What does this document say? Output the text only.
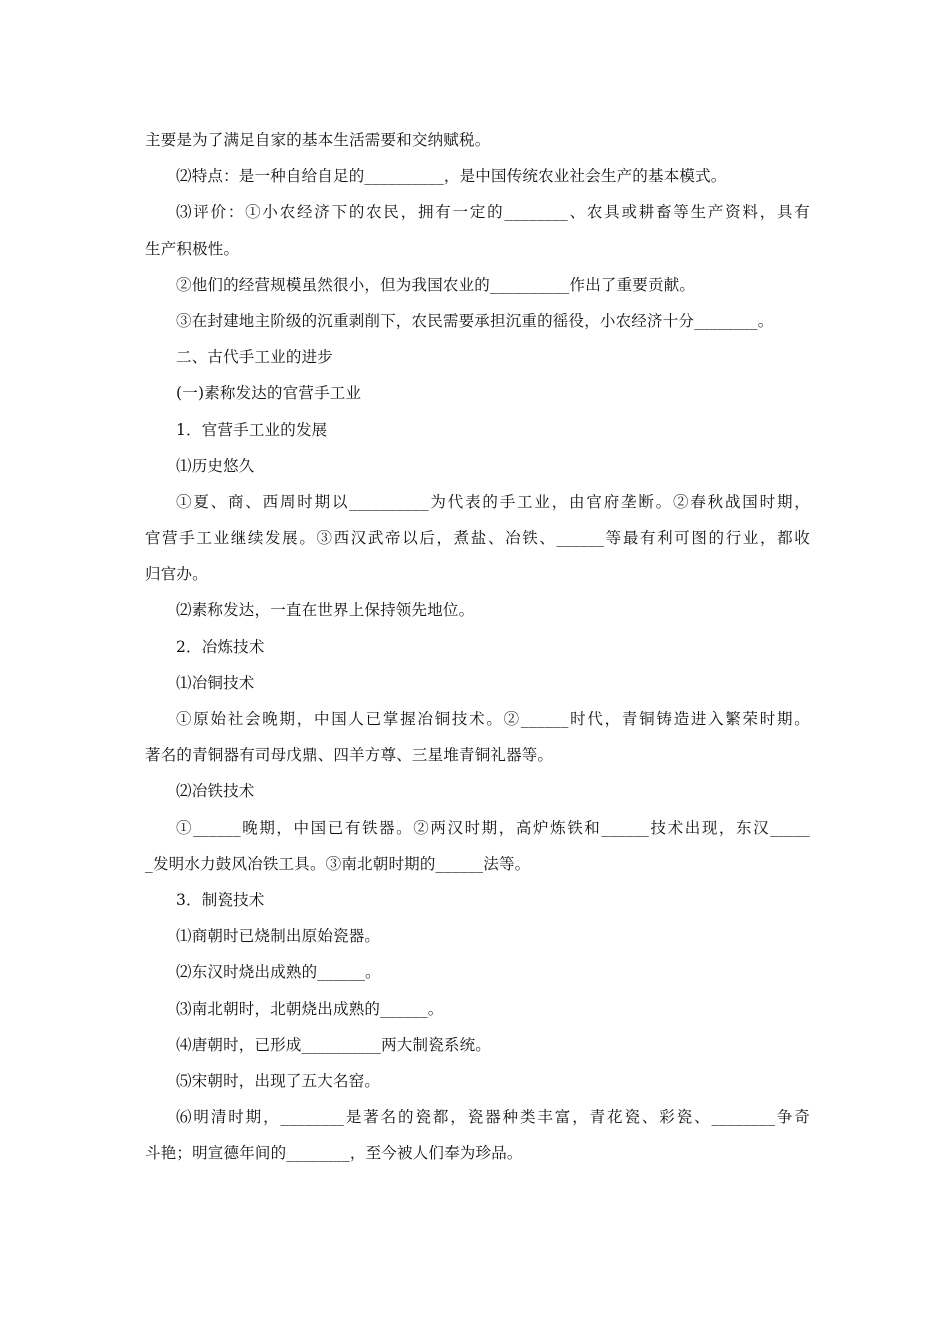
主要是为了满足自家的基本生活需要和交纳赋税。
⑵特点：是一种自给自足的__________，是中国传统农业社会生产的基本模式。
⑶评价：①小农经济下的农民，拥有一定的________、农具或耕畜等生产资料，具有
生产积极性。
②他们的经营规模虽然很小，但为我国农业的__________作出了重要贡献。
③在封建地主阶级的沉重剥削下，农民需要承担沉重的徭役，小农经济十分________。
二、古代手工业的进步
(一)素称发达的官营手工业
1．官营手工业的发展
⑴历史悠久
①夏、商、西周时期以__________为代表的手工业，由官府垄断。②春秋战国时期，
官营手工业继续发展。③西汉武帝以后，煮盐、冶铁、______等最有利可图的行业，都收
归官办。
⑵素称发达，一直在世界上保持领先地位。
2．冶炼技术
⑴冶铜技术
①原始社会晚期，中国人已掌握冶铜技术。②______时代，青铜铸造进入繁荣时期。
著名的青铜器有司母戊鼎、四羊方尊、三星堆青铜礼器等。
⑵冶铁技术
①______晚期，中国已有铁器。②两汉时期，高炉炼铁和______技术出现，东汉_____
_发明水力鼓风冶铁工具。③南北朝时期的______法等。
3．制瓷技术
⑴商朝时已烧制出原始瓷器。
⑵东汉时烧出成熟的______。
⑶南北朝时，北朝烧出成熟的______。
⑷唐朝时，已形成__________两大制瓷系统。
⑸宋朝时，出现了五大名窑。
⑹明清时期，________是著名的瓷都，瓷器种类丰富，青花瓷、彩瓷、________争奇
斗艳；明宣德年间的________，至今被人们奉为珍品。
